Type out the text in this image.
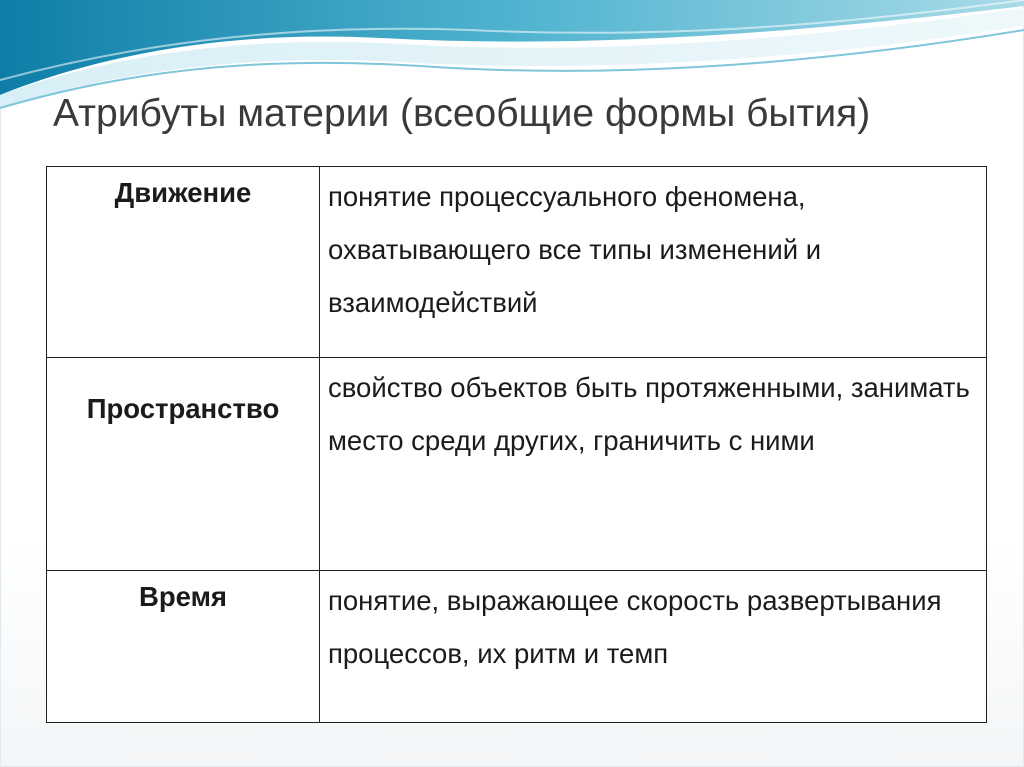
Атрибуты материи (всеобщие формы бытия)
Движение	понятие процессуального феномена, охватывающего все типы изменений и взаимодействий

Пространство	свойство объектов быть протяженными, занимать место среди других, граничить с ними

Время	понятие, выражающее скорость развертывания процессов, их ритм и темп
